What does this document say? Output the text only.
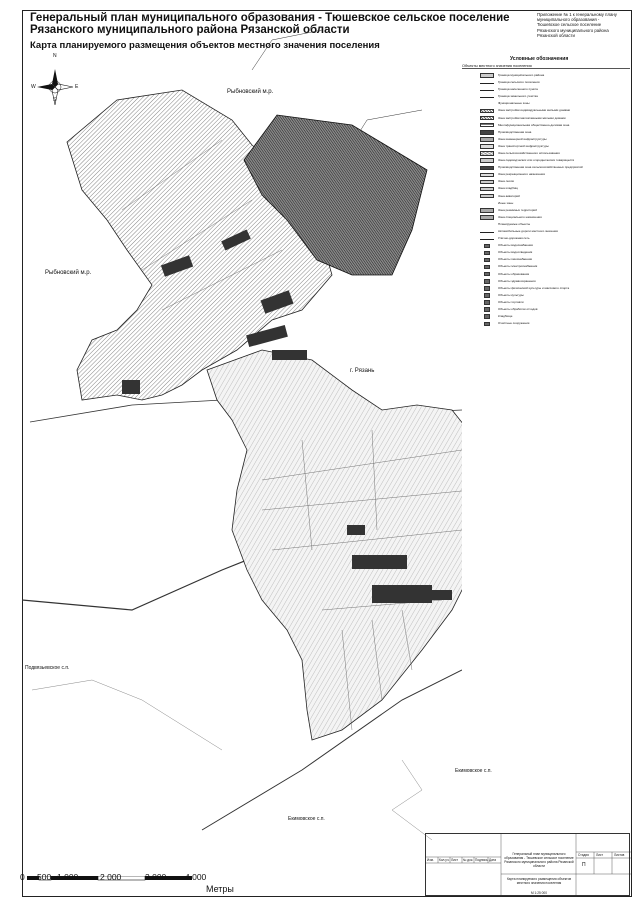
Генеральный план муниципального образования - Тюшевское сельское поселение Рязанского муниципального района Рязанской области
Карта планируемого размещения объектов местного значения поселения
Приложение № 1 к генеральному плану
муниципального образования -
Тюшевское сельское поселение
Рязанского муниципального района
Рязанской области
Рыбновский м.р.
Рыбновский м.р.
г. Рязань
Подвязьевское с.п.
Екимовское с.п.
Екимовское с.п.
N
S
E
W
Условные обозначения
Объекты местного значения поселения
Граница муниципального района
Граница сельского поселения
Граница населенного пункта
Граница земельного участка
Функциональные зоны
Зона застройки индивидуальными жилыми домами
Зона застройки малоэтажными жилыми домами
Многофункциональная общественно-деловая зона
Производственная зона
Зона инженерной инфраструктуры
Зона транспортной инфраструктуры
Зона сельскохозяйственного использования
Зона садоводческих или огороднических товариществ
Производственная зона сельскохозяйственных предприятий
Зона рекреационного назначения
Зона лесов
Зона кладбищ
Зона акваторий
Иные зоны
Зона режимных территорий
Зона специального назначения
Планируемые объекты
Автомобильные дороги местного значения
Улично-дорожная сеть
Объекты водоснабжения
Объекты водоотведения
Объекты газоснабжения
Объекты электроснабжения
Объекты образования
Объекты здравоохранения
Объекты физической культуры и массового спорта
Объекты культуры
Объекты торговли
Объекты обработки отходов
Кладбище
Очистные сооружения
0 500 1 000	2 000	3 000 4 000
Метры
Изм. Кол.уч. Лист № док. Подпись Дата
Генеральный план муниципального образования - Тюшевское сельское поселение Рязанского муниципального района Рязанской области
Стадия Лист	Листов
П
Карта планируемого размещения объектов местного значения поселения
М 1:25 000
